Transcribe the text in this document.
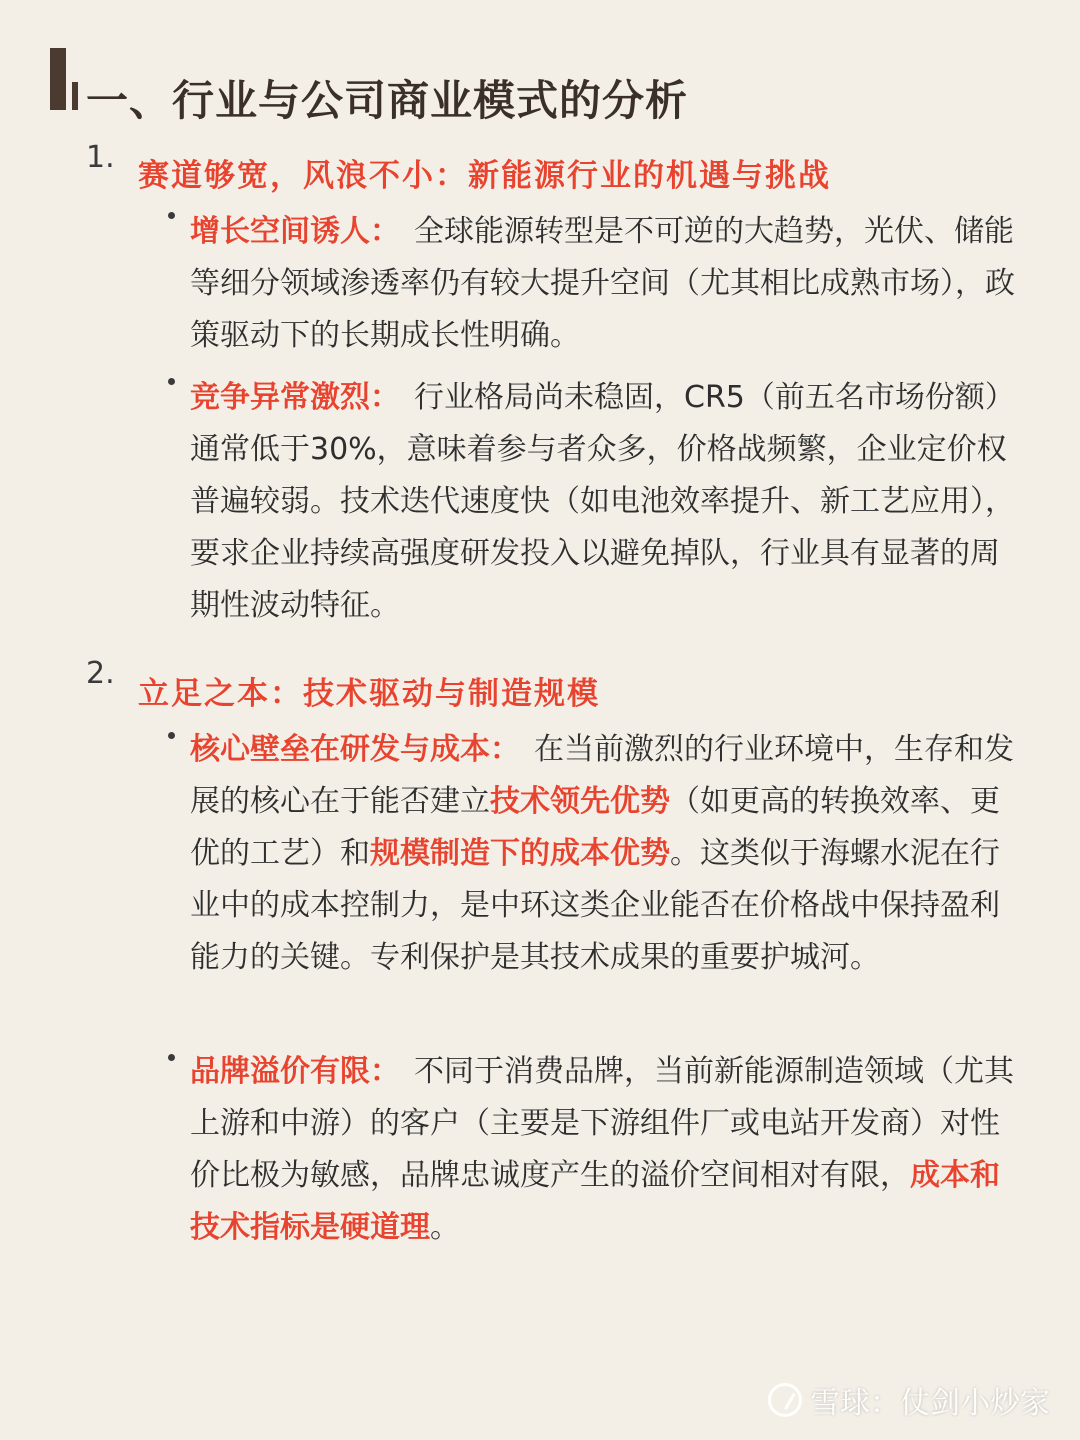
一、行业与公司商业模式的分析
1.
赛道够宽，风浪不小：新能源行业的机遇与挑战
增长空间诱人： 全球能源转型是不可逆的大趋势，光伏、储能等细分领域渗透率仍有较大提升空间（尤其相比成熟市场），政策驱动下的长期成长性明确。
竞争异常激烈： 行业格局尚未稳固，CR5（前五名市场份额）通常低于30%，意味着参与者众多，价格战频繁，企业定价权普遍较弱。技术迭代速度快（如电池效率提升、新工艺应用），要求企业持续高强度研发投入以避免掉队，行业具有显著的周期性波动特征。
2.
立足之本：技术驱动与制造规模
核心壁垒在研发与成本： 在当前激烈的行业环境中，生存和发展的核心在于能否建立技术领先优势（如更高的转换效率、更优的工艺）和规模制造下的成本优势。这类似于海螺水泥在行业中的成本控制力，是中环这类企业能否在价格战中保持盈利能力的关键。专利保护是其技术成果的重要护城河。
品牌溢价有限： 不同于消费品牌，当前新能源制造领域（尤其上游和中游）的客户（主要是下游组件厂或电站开发商）对性价比极为敏感，品牌忠诚度产生的溢价空间相对有限，成本和技术指标是硬道理。
雪球：仗剑小炒家
